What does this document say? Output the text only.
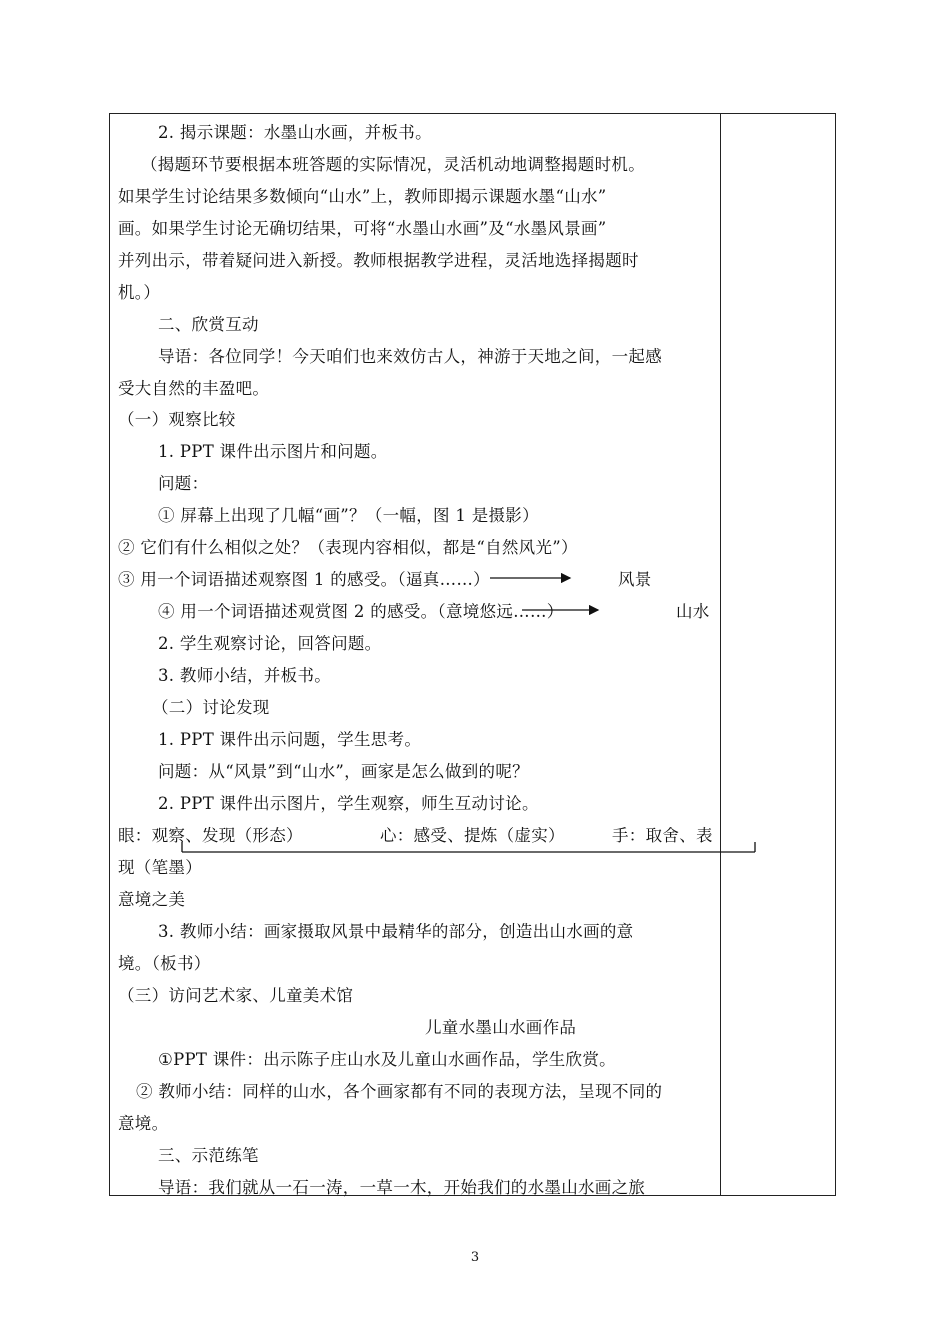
2. 揭示课题：水墨山水画，并板书。
（揭题环节要根据本班答题的实际情况，灵活机动地调整揭题时机。
如果学生讨论结果多数倾向“山水”上，教师即揭示课题水墨“山水”
画。如果学生讨论无确切结果，可将“水墨山水画”及“水墨风景画”
并列出示，带着疑问进入新授。教师根据教学进程，灵活地选择揭题时
机。）
二、欣赏互动
导语：各位同学！今天咱们也来效仿古人，神游于天地之间，一起感
受大自然的丰盈吧。
（一）观察比较
1. PPT 课件出示图片和问题。
问题：
① 屏幕上出现了几幅“画”？（一幅，图 1 是摄影）
② 它们有什么相似之处？（表现内容相似，都是“自然风光”）
③ 用一个词语描述观察图 1 的感受。（逼真……）	风景
④ 用一个词语描述观赏图 2 的感受。（意境悠远……）	山水
2. 学生观察讨论，回答问题。
3. 教师小结，并板书。
（二）讨论发现
1. PPT 课件出示问题，学生思考。
问题：从“风景”到“山水”，画家是怎么做到的呢？
2. PPT 课件出示图片，学生观察，师生互动讨论。
眼：观察、发现（形态）	心：感受、提炼（虚实）	手：取舍、表
现（笔墨）
意境之美
3. 教师小结：画家摄取风景中最精华的部分，创造出山水画的意
境。（板书）
（三）访问艺术家、儿童美术馆
儿童水墨山水画作品
①PPT 课件：出示陈子庄山水及儿童山水画作品，学生欣赏。
② 教师小结：同样的山水，各个画家都有不同的表现方法，呈现不同的
意境。
三、示范练笔
导语：我们就从一石一涛，一草一木，开始我们的水墨山水画之旅
3
